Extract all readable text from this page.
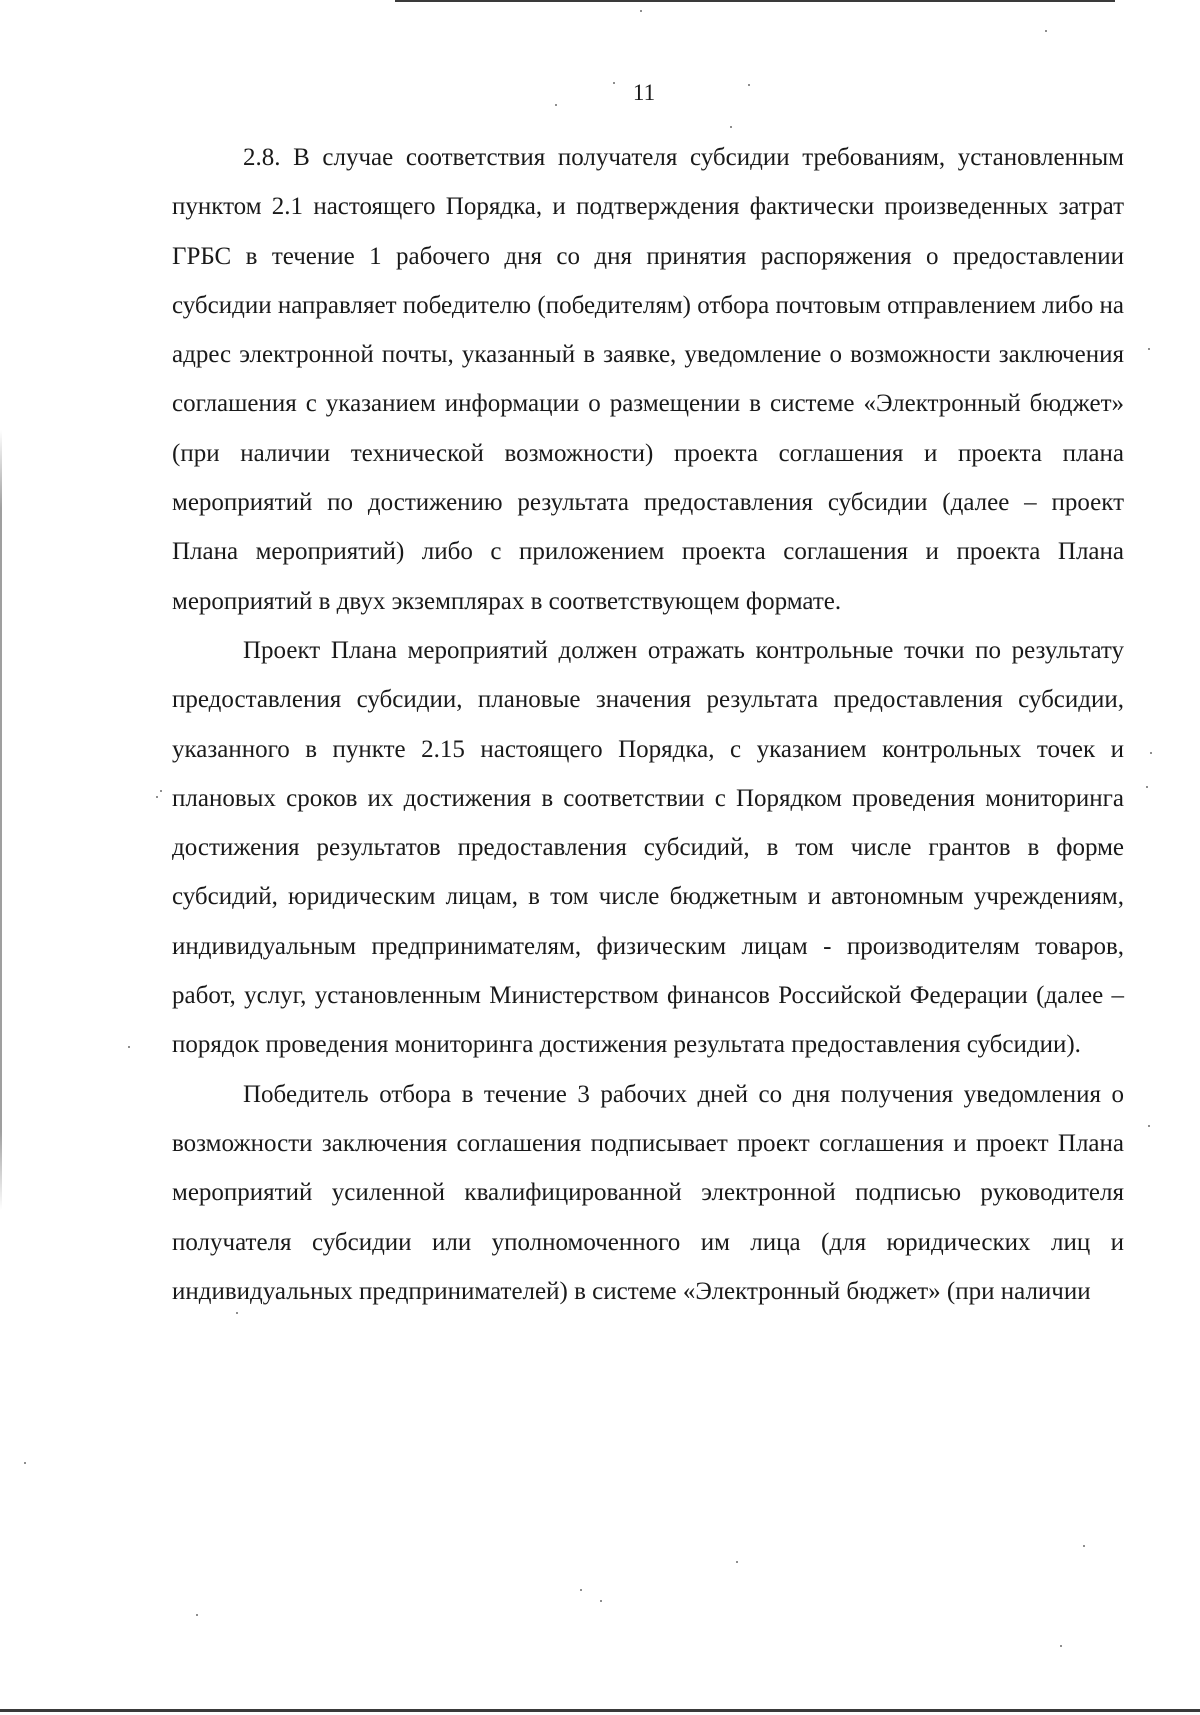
11

2.8. В случае соответствия получателя субсидии требованиям, установленным пунктом 2.1 настоящего Порядка, и подтверждения фактически произведенных затрат ГРБС в течение 1 рабочего дня со дня принятия распоряжения о предоставлении субсидии направляет победителю (победителям) отбора почтовым отправлением либо на адрес электронной почты, указанный в заявке, уведомление о возможности заключения соглашения с указанием информации о размещении в системе «Электронный бюджет» (при наличии технической возможности) проекта соглашения и проекта плана мероприятий по достижению результата предоставления субсидии (далее – проект Плана мероприятий) либо с приложением проекта соглашения и проекта Плана мероприятий в двух экземплярах в соответствующем формате.

Проект Плана мероприятий должен отражать контрольные точки по результату предоставления субсидии, плановые значения результата предоставления субсидии, указанного в пункте 2.15 настоящего Порядка, с указанием контрольных точек и плановых сроков их достижения в соответствии с Порядком проведения мониторинга достижения результатов предоставления субсидий, в том числе грантов в форме субсидий, юридическим лицам, в том числе бюджетным и автономным учреждениям, индивидуальным предпринимателям, физическим лицам - производителям товаров, работ, услуг, установленным Министерством финансов Российской Федерации (далее – порядок проведения мониторинга достижения результата предоставления субсидии).

Победитель отбора в течение 3 рабочих дней со дня получения уведомления о возможности заключения соглашения подписывает проект соглашения и проект Плана мероприятий усиленной квалифицированной электронной подписью руководителя получателя субсидии или уполномоченного им лица (для юридических лиц и индивидуальных предпринимателей) в системе «Электронный бюджет» (при наличии
